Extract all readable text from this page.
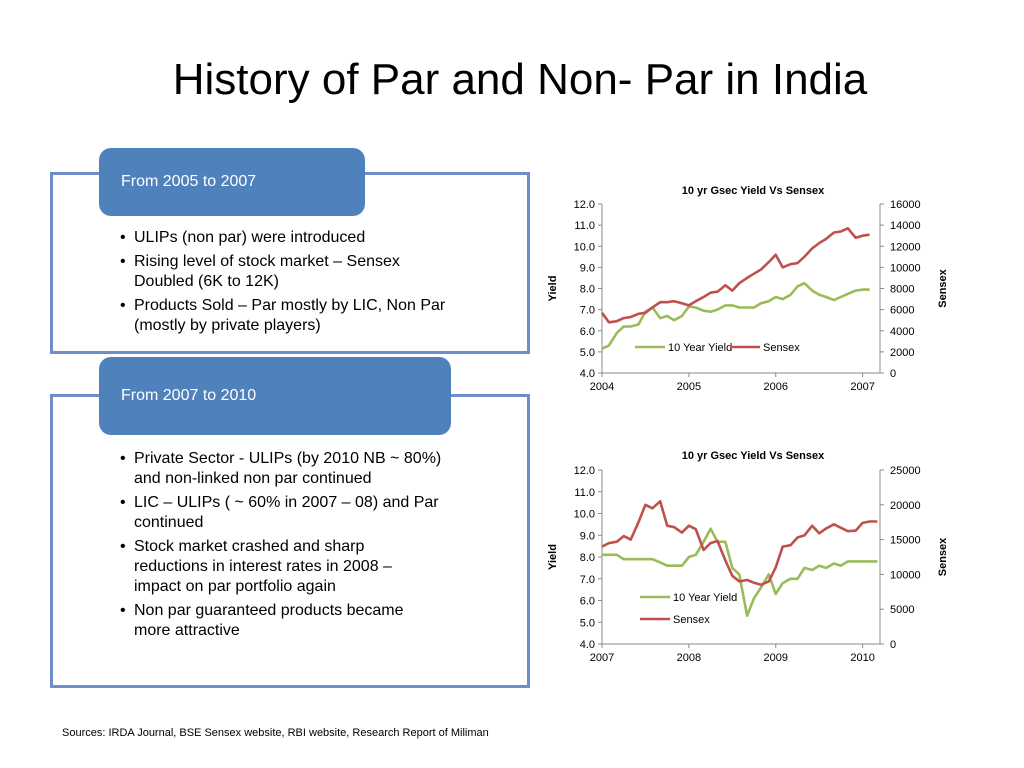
History of Par and Non- Par in India
From 2005 to 2007
• ULIPs (non par) were introduced
• Rising level of stock market – Sensex
Doubled (6K to 12K)
• Products Sold – Par mostly by LIC, Non Par
(mostly by private players)
From 2007 to 2010
• Private Sector - ULIPs (by 2010 NB ~ 80%)
and non-linked non par continued
• LIC – ULIPs ( ~ 60% in 2007 – 08) and Par
continued
• Stock market crashed and sharp
reductions in interest rates in 2008 –
impact on par portfolio again
• Non par guaranteed products became
more attractive
10 yr Gsec Yield Vs Sensex
4.0
5.0
6.0
7.0
8.0
9.0
10.0
11.0
12.0
0
2000
4000
6000
8000
10000
12000
14000
16000
2004	2005	2006	2007
Yield	Sensex
10 Year Yield	Sensex
10 yr Gsec Yield Vs Sensex
4.0
5.0
6.0
7.0
8.0
9.0
10.0
11.0
12.0
0
5000
10000
15000
20000
25000
2007	2008	2009	2010
Yield	Sensex
10 Year Yield
Sensex
Sources: IRDA Journal, BSE Sensex website, RBI website, Research Report of Miliman
